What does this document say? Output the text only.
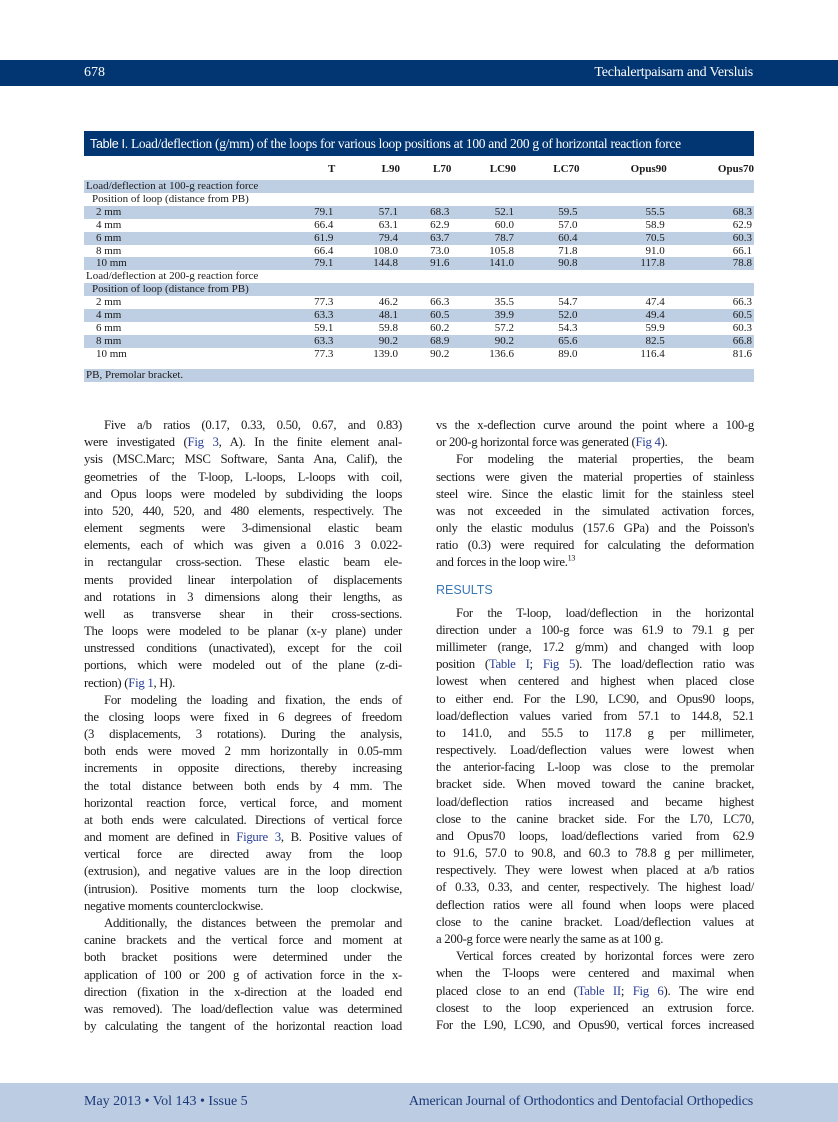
678	Techalertpaisarn and Versluis
Table I. Load/deflection (g/mm) of the loops for various loop positions at 100 and 200 g of horizontal reaction force
	T	L90	L70	LC90	LC70	Opus90	Opus70
Load/deflection at 100-g reaction force							
Position of loop (distance from PB)							
2 mm	79.1	57.1	68.3	52.1	59.5	55.5	68.3
4 mm	66.4	63.1	62.9	60.0	57.0	58.9	62.9
6 mm	61.9	79.4	63.7	78.7	60.4	70.5	60.3
8 mm	66.4	108.0	73.0	105.8	71.8	91.0	66.1
10 mm	79.1	144.8	91.6	141.0	90.8	117.8	78.8
Load/deflection at 200-g reaction force							
Position of loop (distance from PB)							
2 mm	77.3	46.2	66.3	35.5	54.7	47.4	66.3
4 mm	63.3	48.1	60.5	39.9	52.0	49.4	60.5
6 mm	59.1	59.8	60.2	57.2	54.3	59.9	60.3
8 mm	63.3	90.2	68.9	90.2	65.6	82.5	66.8
10 mm	77.3	139.0	90.2	136.6	89.0	116.4	81.6
PB, Premolar bracket.
Five a/b ratios (0.17, 0.33, 0.50, 0.67, and 0.83)
were investigated (Fig 3, A). In the finite element anal-
ysis (MSC.Marc; MSC Software, Santa Ana, Calif), the
geometries of the T-loop, L-loops, L-loops with coil,
and Opus loops were modeled by subdividing the loops
into 520, 440, 520, and 480 elements, respectively. The
element segments were 3-dimensional elastic beam
elements, each of which was given a 0.016 3 0.022-
in rectangular cross-section. These elastic beam ele-
ments provided linear interpolation of displacements
and rotations in 3 dimensions along their lengths, as
well as transverse shear in their cross-sections.
The loops were modeled to be planar (x-y plane) under
unstressed conditions (unactivated), except for the coil
portions, which were modeled out of the plane (z-di-
rection) (Fig 1, H).
For modeling the loading and fixation, the ends of
the closing loops were fixed in 6 degrees of freedom
(3 displacements, 3 rotations). During the analysis,
both ends were moved 2 mm horizontally in 0.05-mm
increments in opposite directions, thereby increasing
the total distance between both ends by 4 mm. The
horizontal reaction force, vertical force, and moment
at both ends were calculated. Directions of vertical force
and moment are defined in Figure 3, B. Positive values of
vertical force are directed away from the loop
(extrusion), and negative values are in the loop direction
(intrusion). Positive moments turn the loop clockwise,
negative moments counterclockwise.
Additionally, the distances between the premolar and
canine brackets and the vertical force and moment at
both bracket positions were determined under the
application of 100 or 200 g of activation force in the x-
direction (fixation in the x-direction at the loaded end
was removed). The load/deflection value was determined
by calculating the tangent of the horizontal reaction load
vs the x-deflection curve around the point where a 100-g
or 200-g horizontal force was generated (Fig 4).
For modeling the material properties, the beam
sections were given the material properties of stainless
steel wire. Since the elastic limit for the stainless steel
was not exceeded in the simulated activation forces,
only the elastic modulus (157.6 GPa) and the Poisson's
ratio (0.3) were required for calculating the deformation
and forces in the loop wire.$^{13}$
RESULTS
For the T-loop, load/deflection in the horizontal
direction under a 100-g force was 61.9 to 79.1 g per
millimeter (range, 17.2 g/mm) and changed with loop
position (Table I; Fig 5). The load/deflection ratio was
lowest when centered and highest when placed close
to either end. For the L90, LC90, and Opus90 loops,
load/deflection values varied from 57.1 to 144.8, 52.1
to 141.0, and 55.5 to 117.8 g per millimeter,
respectively. Load/deflection values were lowest when
the anterior-facing L-loop was close to the premolar
bracket side. When moved toward the canine bracket,
load/deflection ratios increased and became highest
close to the canine bracket side. For the L70, LC70,
and Opus70 loops, load/deflections varied from 62.9
to 91.6, 57.0 to 90.8, and 60.3 to 78.8 g per millimeter,
respectively. They were lowest when placed at a/b ratios
of 0.33, 0.33, and center, respectively. The highest load/
deflection ratios were all found when loops were placed
close to the canine bracket. Load/deflection values at
a 200-g force were nearly the same as at 100 g.
Vertical forces created by horizontal forces were zero
when the T-loops were centered and maximal when
placed close to an end (Table II; Fig 6). The wire end
closest to the loop experienced an extrusion force.
For the L90, LC90, and Opus90, vertical forces increased
May 2013 • Vol 143 • Issue 5	American Journal of Orthodontics and Dentofacial Orthopedics
